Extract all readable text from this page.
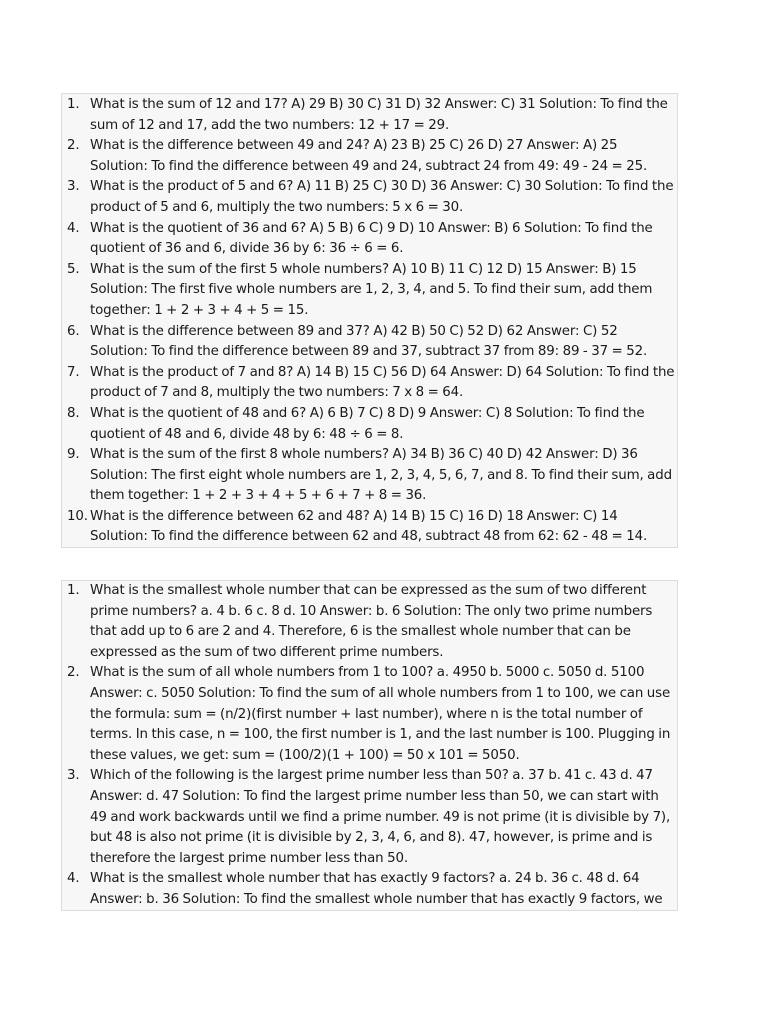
1. What is the sum of 12 and 17? A) 29 B) 30 C) 31 D) 32 Answer: C) 31 Solution: To find the sum of 12 and 17, add the two numbers: 12 + 17 = 29.
2. What is the difference between 49 and 24? A) 23 B) 25 C) 26 D) 27 Answer: A) 25 Solution: To find the difference between 49 and 24, subtract 24 from 49: 49 - 24 = 25.
3. What is the product of 5 and 6? A) 11 B) 25 C) 30 D) 36 Answer: C) 30 Solution: To find the product of 5 and 6, multiply the two numbers: 5 x 6 = 30.
4. What is the quotient of 36 and 6? A) 5 B) 6 C) 9 D) 10 Answer: B) 6 Solution: To find the quotient of 36 and 6, divide 36 by 6: 36 ÷ 6 = 6.
5. What is the sum of the first 5 whole numbers? A) 10 B) 11 C) 12 D) 15 Answer: B) 15 Solution: The first five whole numbers are 1, 2, 3, 4, and 5. To find their sum, add them together: 1 + 2 + 3 + 4 + 5 = 15.
6. What is the difference between 89 and 37? A) 42 B) 50 C) 52 D) 62 Answer: C) 52 Solution: To find the difference between 89 and 37, subtract 37 from 89: 89 - 37 = 52.
7. What is the product of 7 and 8? A) 14 B) 15 C) 56 D) 64 Answer: D) 64 Solution: To find the product of 7 and 8, multiply the two numbers: 7 x 8 = 64.
8. What is the quotient of 48 and 6? A) 6 B) 7 C) 8 D) 9 Answer: C) 8 Solution: To find the quotient of 48 and 6, divide 48 by 6: 48 ÷ 6 = 8.
9. What is the sum of the first 8 whole numbers? A) 34 B) 36 C) 40 D) 42 Answer: D) 36 Solution: The first eight whole numbers are 1, 2, 3, 4, 5, 6, 7, and 8. To find their sum, add them together: 1 + 2 + 3 + 4 + 5 + 6 + 7 + 8 = 36.
10. What is the difference between 62 and 48? A) 14 B) 15 C) 16 D) 18 Answer: C) 14 Solution: To find the difference between 62 and 48, subtract 48 from 62: 62 - 48 = 14.
1. What is the smallest whole number that can be expressed as the sum of two different prime numbers? a. 4 b. 6 c. 8 d. 10 Answer: b. 6 Solution: The only two prime numbers that add up to 6 are 2 and 4. Therefore, 6 is the smallest whole number that can be expressed as the sum of two different prime numbers.
2. What is the sum of all whole numbers from 1 to 100? a. 4950 b. 5000 c. 5050 d. 5100 Answer: c. 5050 Solution: To find the sum of all whole numbers from 1 to 100, we can use the formula: sum = (n/2)(first number + last number), where n is the total number of terms. In this case, n = 100, the first number is 1, and the last number is 100. Plugging in these values, we get: sum = (100/2)(1 + 100) = 50 x 101 = 5050.
3. Which of the following is the largest prime number less than 50? a. 37 b. 41 c. 43 d. 47 Answer: d. 47 Solution: To find the largest prime number less than 50, we can start with 49 and work backwards until we find a prime number. 49 is not prime (it is divisible by 7), but 48 is also not prime (it is divisible by 2, 3, 4, 6, and 8). 47, however, is prime and is therefore the largest prime number less than 50.
4. What is the smallest whole number that has exactly 9 factors? a. 24 b. 36 c. 48 d. 64 Answer: b. 36 Solution: To find the smallest whole number that has exactly 9 factors, we
